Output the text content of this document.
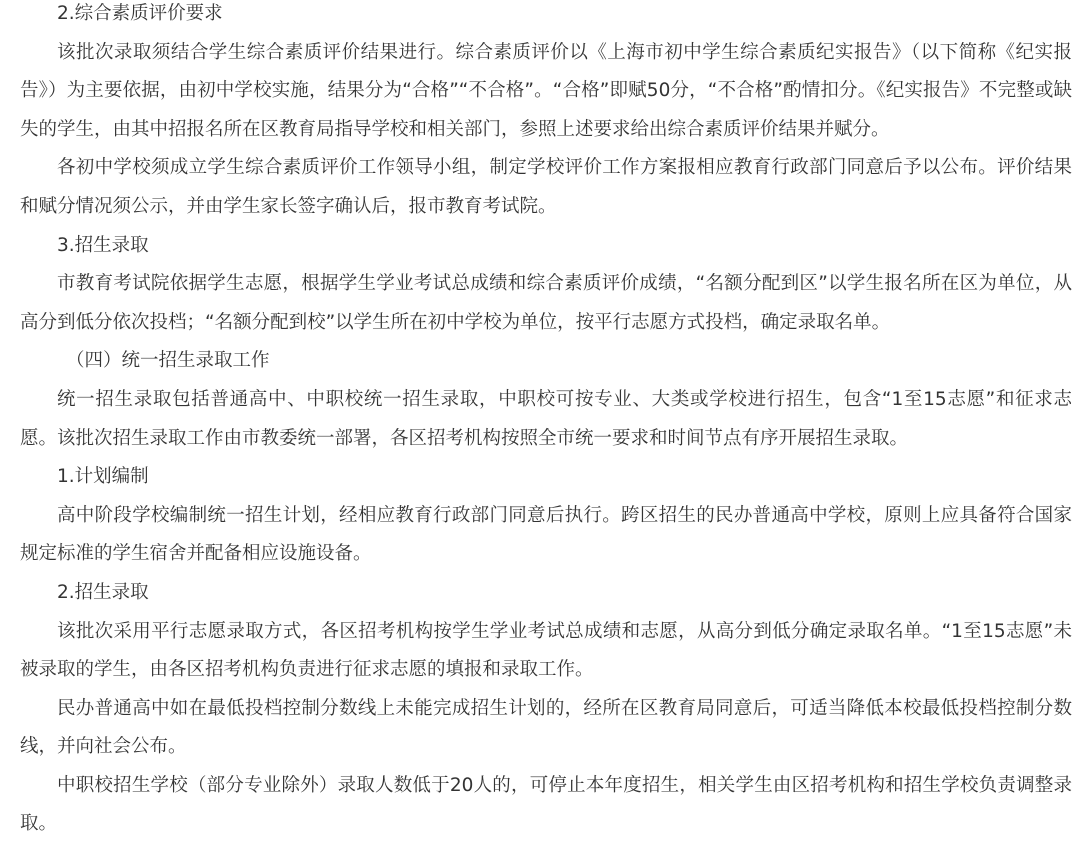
2.综合素质评价要求

该批次录取须结合学生综合素质评价结果进行。综合素质评价以《上海市初中学生综合素质纪实报告》（以下简称《纪实报告》）为主要依据，由初中学校实施，结果分为“合格”“不合格”。“合格”即赋50分，“不合格”酌情扣分。《纪实报告》不完整或缺失的学生，由其中招报名所在区教育局指导学校和相关部门，参照上述要求给出综合素质评价结果并赋分。

各初中学校须成立学生综合素质评价工作领导小组，制定学校评价工作方案报相应教育行政部门同意后予以公布。评价结果和赋分情况须公示，并由学生家长签字确认后，报市教育考试院。

3.招生录取

市教育考试院依据学生志愿，根据学生学业考试总成绩和综合素质评价成绩，“名额分配到区”以学生报名所在区为单位，从高分到低分依次投档；“名额分配到校”以学生所在初中学校为单位，按平行志愿方式投档，确定录取名单。

（四）统一招生录取工作

统一招生录取包括普通高中、中职校统一招生录取，中职校可按专业、大类或学校进行招生，包含“1至15志愿”和征求志愿。该批次招生录取工作由市教委统一部署，各区招考机构按照全市统一要求和时间节点有序开展招生录取。

1.计划编制

高中阶段学校编制统一招生计划，经相应教育行政部门同意后执行。跨区招生的民办普通高中学校，原则上应具备符合国家规定标准的学生宿舍并配备相应设施设备。

2.招生录取

该批次采用平行志愿录取方式，各区招考机构按学生学业考试总成绩和志愿，从高分到低分确定录取名单。“1至15志愿”未被录取的学生，由各区招考机构负责进行征求志愿的填报和录取工作。

民办普通高中如在最低投档控制分数线上未能完成招生计划的，经所在区教育局同意后，可适当降低本校最低投档控制分数线，并向社会公布。

中职校招生学校（部分专业除外）录取人数低于20人的，可停止本年度招生，相关学生由区招考机构和招生学校负责调整录取。
